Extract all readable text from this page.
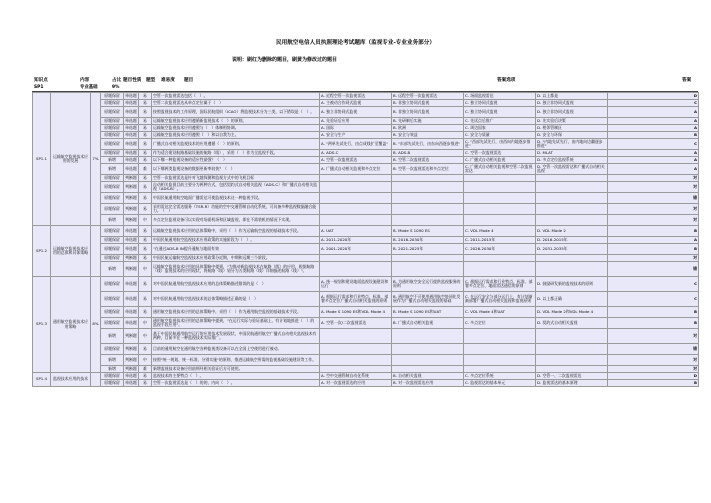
民用航空电信人员执照理论考试题库（监视专业-专业业务部分）
说明：刷红为删除的题目，刷黄为修改过的题目
知识点	内容	占比 题目性质 题型 难易度 题目	答案选项	答案
SP1	专业基础	9%
SP1.1	运输航空监视技术应用的发展	7%	原题保留	单选题	易	空管一次监视雷达包括（　）。	A. 近程空管一次监视雷达	B. 远程空管一次监视雷达	C. 场面监视雷达	D. 以上都是	D
			原题保留	单选题	易	空管二次监视雷达从单点定位属于（　）	A. 主被动合作同式监视	B. 非独立协同式监视	C. 独立协同式监视	D. 独立非协同式监视	C
			原题保留	单选题	易	按照监视技术的工作原理，国际民航组织（ICAO）将监视技术分为三类，以下错误是（　）。	A. 独立非协同式监视	B. 非独立协同式监视	C. 独立协同式监视	D. 独立非协同式监视	A
			原题保留	单选题	易	运输航空监视技术应用遵循新监视技术（　）的原则。	A. 先验证后应用	B. 先研制后实施	C. 先试点后推广	D. 先实验后决策	A
			原题保留	单选题	易	运输航空监视技术应用遵照与（　）体制相协调。	A. 国际	B. 欧洲	C. 周边国家	D. 相邻管制区	A
			原题保留	单选题	易	运输航空监视技术应用遵照（　）和以自我为主。	A. 安全与生产	B. 安全与效益	C. 安全与质量	D. 安全与环保	B
			原题保留	单选题	易	广播式自动相关监视技术的应用遵循（　）的原则。	A. "两单先试先行，由点成线扩至覆盖"	B. "东部先试先行，由东向西逐步推进"	C. "西部先试先行，由西向内地逐步推进"	D. "内地先试先行，由内地向边疆逐步推进"	C
			原题保留	单选题	易	作为适合建设航路基础设施的航路（线），采用（　）作为全监视手段。	A. ADS-C	B. ADS-B	C. 空管一次监视雷达	D. MLAT	A
			新增	单选题	易	以下哪一种监视设备的适应性最强？（　）	A. 空管一次监视雷达	B. 空管二次监视雷达	C. 广播式自动相关监视	D. 多点定位监视系统	A
			新增	单选题	难	以下哪两类监视设备的数据更新率较快？（　）	A. 广播式自动相关监视和多点定位	B. 空管一次监视雷达和多点定位	C. 广播式自动相关监视和空管二次监视雷达	D. 空管一次监视雷达和广播式自动相关监视	A
			原题保留	判断题	易	空管一次监视雷达是针对飞越探测和监视方式中的飞机目标					对
			原题保留	判断题	易	自动相关监视目前主要分为两种方式，包括契约式自动相关监视（ADS-C）和广播式自动相关监视（ADS-B）。					对
			原题保留	判断题	易	中国民航通用航空地面广播雷达可使监视技术这一种监视手段。					错
			原题保留	判断题	易	采用雷达完全雷达服务（TSR-R）功能的空中交通管制自动化系统，可具备多种监视数据融合能力。（　）					对
			新增	判断题	中	多点定位监视设备可以实现对场面机场和区域监视，即在不需装机的情况下实现。					对
SP1.2	运输航空监视技术应用的总体和具体策略		原题保留	单选题	易	运输航空监视技术应用的总体策略中，采用（　）作为运输航空监视的基础技术手段。	A. UAT	B. Mode S 1090 ES	C. VDL Mode 4	D. VDL Mode 2	B
			原题保留	单选题	易	中国民航通用航空监视技术应用政策的实施阶段为（　）。	A. 2011-2020年	B. 2016-2030年	C. 2011-2015年	D. 2016-2015年	A
			原题保留	单选题	易	"在通过ADS-B IN提升通航与地面有效	A. 2001-2020年	B. 2021-2025年	C. 2026-2030年	D. 2031-2035年	B
			原题保留	判断题	易	中国民航运输航空监视技术应用政策分近期、中期和远期三个阶段。					对
			新增	判断题	中	运输航空监视技术应用的具体策略中提到，"为推动新监视技术在航路（线）的应用，根据航路（线）监视技术的应用现状，将航路（线）划分为五类航路（线）详细描述航路（线）"。					错
SP1.3	通用航空监视技术应用策略	8%	原题保留	单选题	易	对中国民航通用航空监视技术应用的总体策略描述错误的是（　）	A. 统一规划和建设地面监视设施建设和运行	B. 为通用航空安全运行提供监视服务的原则	C. 根据运行需求和行业特点，标准、部署多点定位、地面雷达通信的原则	D. 鼓励研发新的监视技术的原则	C
			原题保留	单选题	易	对中国民航通用航空监视技术的总体策略描述正确的是（　）	A. 根据运行需求和行业特点，标准、部署多点定位广播式自动相关监视的原则	B. 通用航空不可使用通用航空协同化发展作为广播式自动相关监视的基础	C. 在运行安全与部分运行上，有计划渐渐部署广播式自动相关监视和监视原则	D. 以上都正确	C
			原题保留	单选题	易	通用航空监视技术应用的总体策略中，采用（　）作为通用航空监视的基础技术手段。	A. Mode S 1090 ES和VDL Mode 4	B. Mode S 1090 ES和UAT	C. VDL Mode 4和UAT	D. VDL Mode 2和VDL Mode 4	B
			原题保留	单选题	中	通用航空监视技术应用的总体策略中提到，"在运行实际与验证基础上，有计划地推进（　）的监视手段应用"。	A. 空管一次/二次监视雷达	B. 广播式自动相关监视	C. 多点定位	D. 契约式自动相关监视	B
			新增	判断题	中	基于中国民航通用航空运行的应用技术发展现状，中国民航通用航空广播式自动相关监视技术有两种，目前多在一种监视技术实际推广。					对
			原题保留	判断题	易	目前的通用航空在通用航空各种监视类设备可以在全国上空使用进行被动。					错
			新增	判断题	中	按照"统一规划、统一标准、分别实施"的原则，推进运输航空所需的监视基础设施建设等工作。					对
			新增	判断题	难	新增监视技术设备应用前须经相关验证后方可使用。					对
SP1.4	监视技术应用的技术		原题保留	单选题	易	监视技术的主要特点（　）。	A. 空中交通管制自动化系统	B. 自动相关监视	C. 多点定位系统	D. 空管一、二次监视雷达	D
			原题保留	单选题	易	空管一次监视雷达是（　）的的，内向（　）。	A. 对一次监视雷达的应用	B. 对一次监视雷达应用	C. 监视雷达的基本单元	D. 监视雷达的基本原理	B
